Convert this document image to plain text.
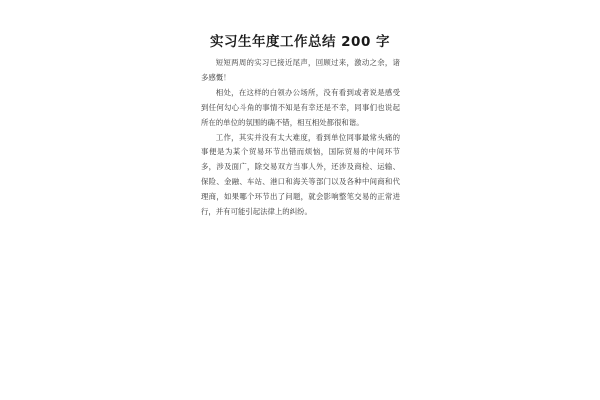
实习生年度工作总结 200 字

短短两周的实习已接近尾声，回顾过来，激动之余，诸多感慨！

相处，在这样的白领办公场所，没有看到或者说是感受到任何勾心斗角的事情不知是有幸还是不幸，同事们也说起所在的单位的氛围的确不错，相互相处都很和谐。

工作，其实并没有太大难度，看到单位同事最常头痛的事便是为某个贸易环节出错而烦恼，国际贸易的中间环节多，涉及面广，除交易双方当事人外，还涉及商检、运输、保险、金融、车站、港口和海关等部门以及各种中间商和代理商，如果哪个环节出了问题，就会影响整笔交易的正常进行，并有可能引起法律上的纠纷。
